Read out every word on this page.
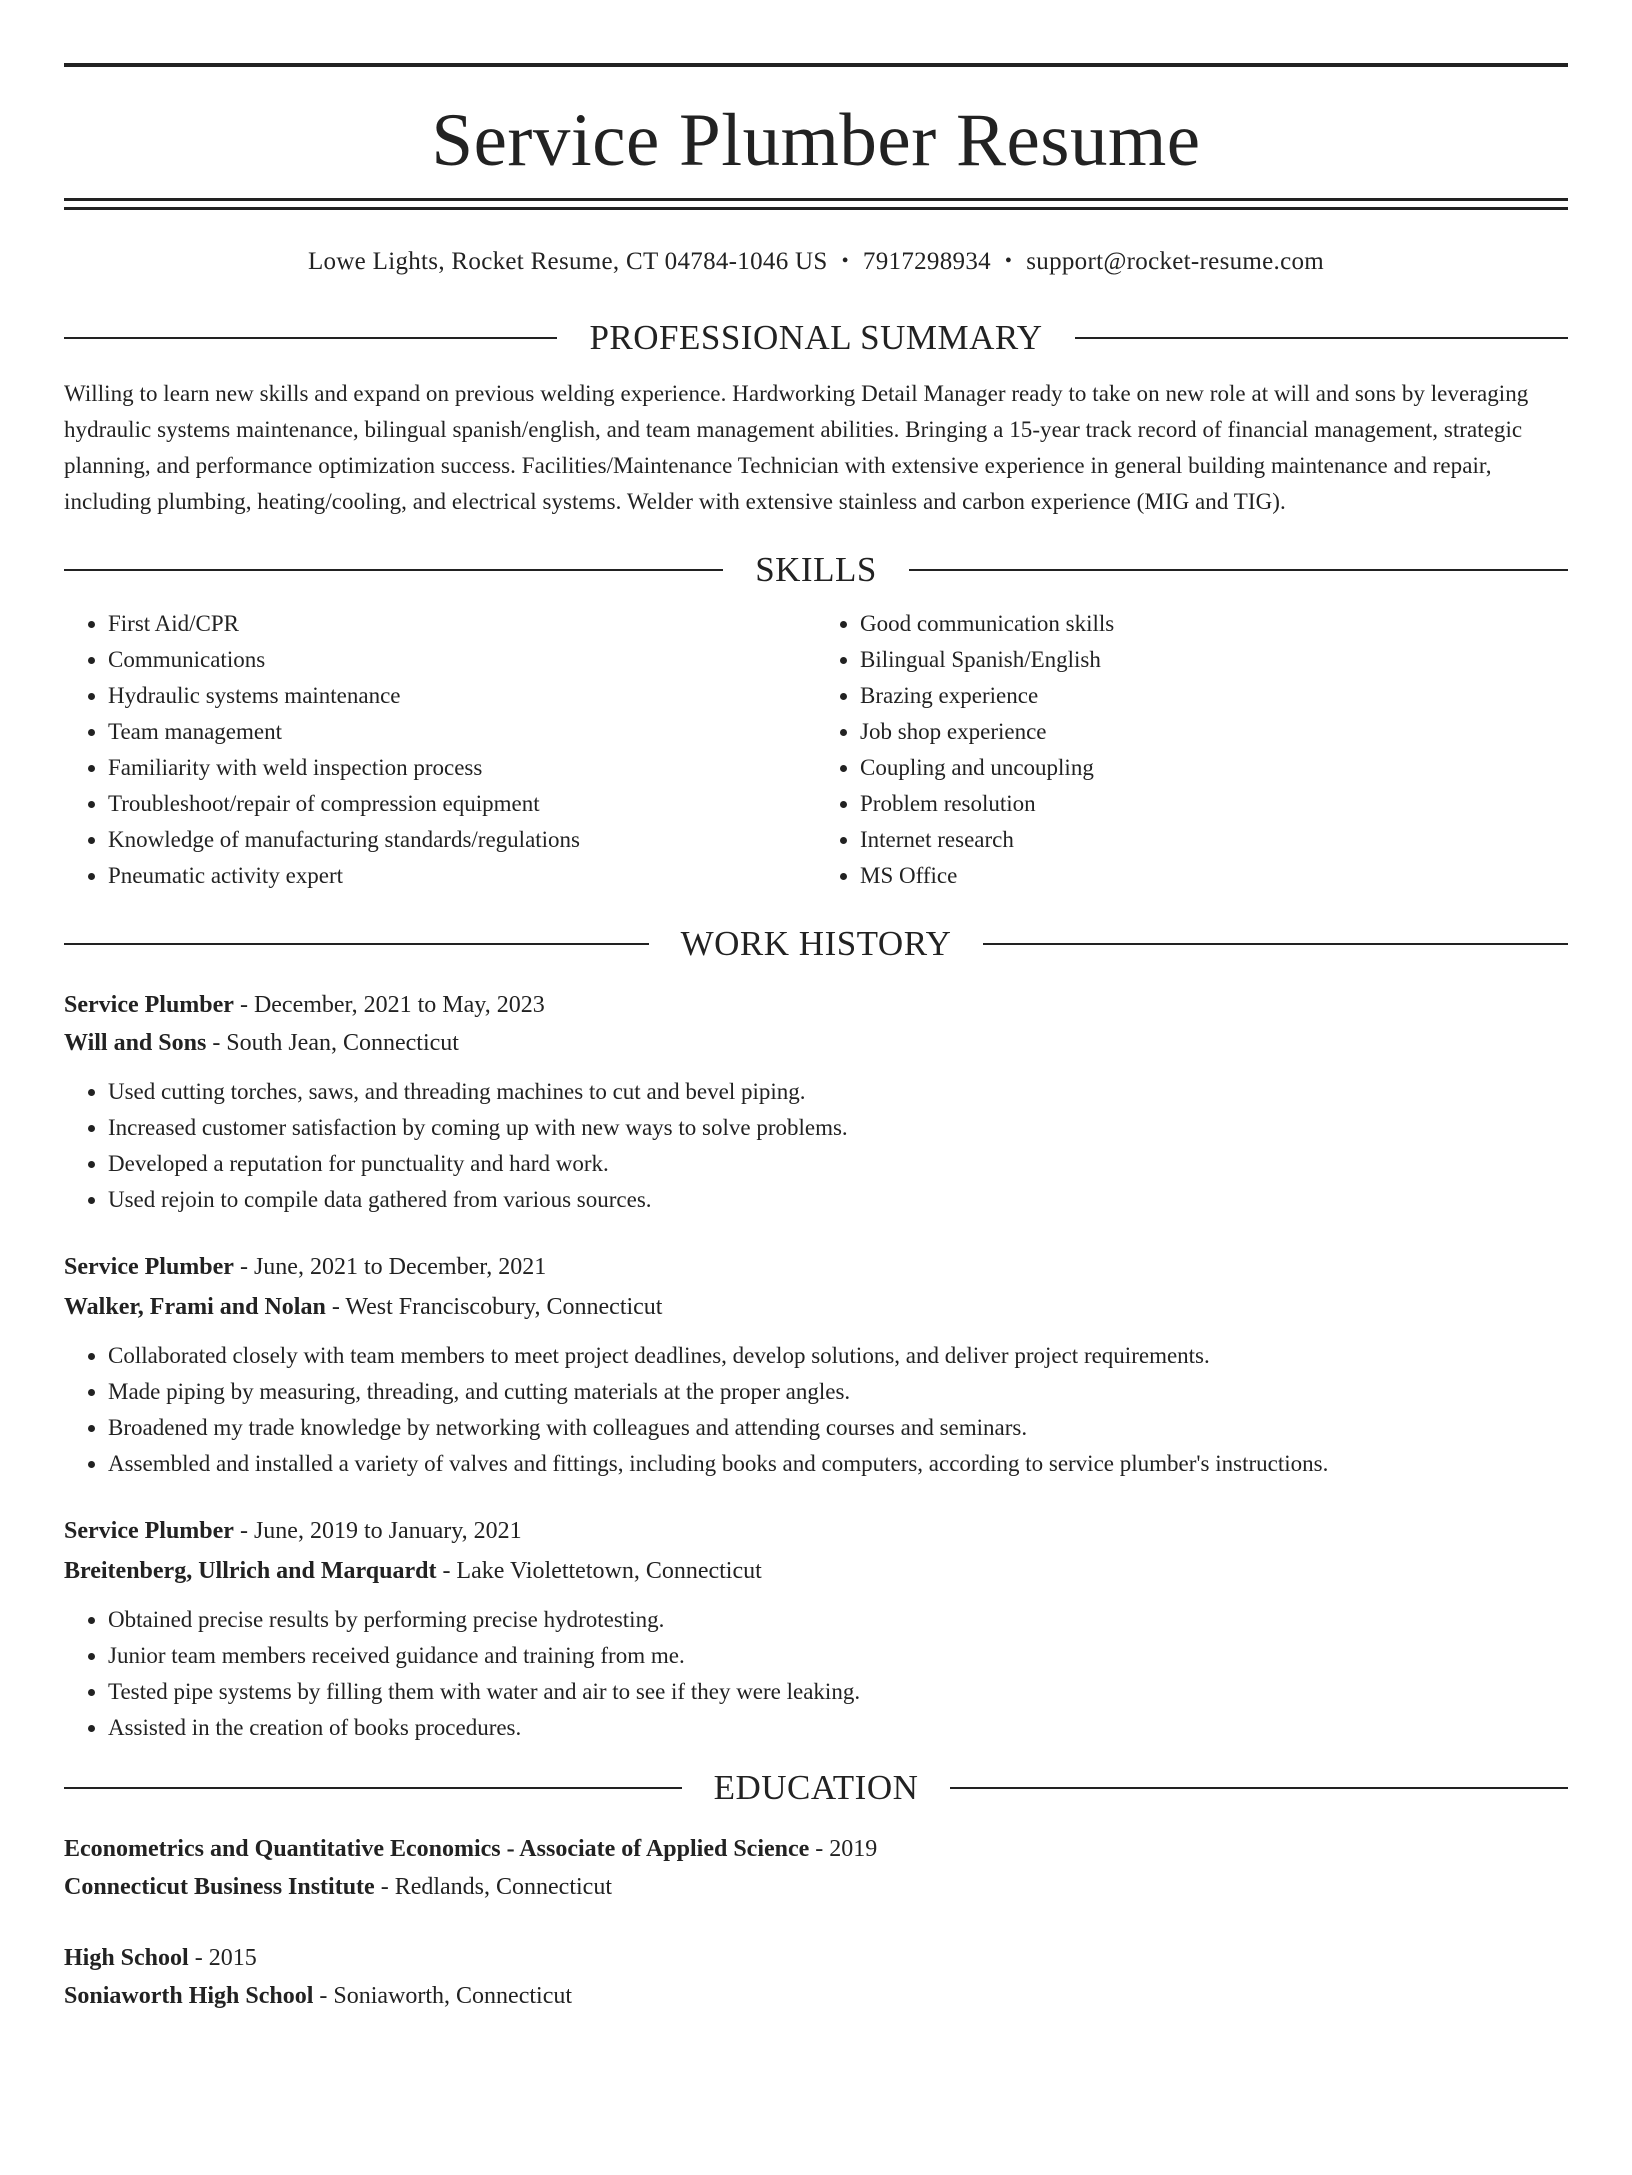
Service Plumber Resume
Lowe Lights, Rocket Resume, CT 04784-1046 US • 7917298934 • support@rocket-resume.com
PROFESSIONAL SUMMARY

Willing to learn new skills and expand on previous welding experience. Hardworking Detail Manager ready to take on new role at will and sons by leveraging hydraulic systems maintenance, bilingual spanish/english, and team management abilities. Bringing a 15-year track record of financial management, strategic planning, and performance optimization success. Facilities/Maintenance Technician with extensive experience in general building maintenance and repair, including plumbing, heating/cooling, and electrical systems. Welder with extensive stainless and carbon experience (MIG and TIG).

SKILLS
• First Aid/CPR
• Communications
• Hydraulic systems maintenance
• Team management
• Familiarity with weld inspection process
• Troubleshoot/repair of compression equipment
• Knowledge of manufacturing standards/regulations
• Pneumatic activity expert
• Good communication skills
• Bilingual Spanish/English
• Brazing experience
• Job shop experience
• Coupling and uncoupling
• Problem resolution
• Internet research
• MS Office
WORK HISTORY
Service Plumber - December, 2021 to May, 2023
Will and Sons - South Jean, Connecticut
• Used cutting torches, saws, and threading machines to cut and bevel piping.
• Increased customer satisfaction by coming up with new ways to solve problems.
• Developed a reputation for punctuality and hard work.
• Used rejoin to compile data gathered from various sources.
Service Plumber - June, 2021 to December, 2021
Walker, Frami and Nolan - West Franciscobury, Connecticut
• Collaborated closely with team members to meet project deadlines, develop solutions, and deliver project requirements.
• Made piping by measuring, threading, and cutting materials at the proper angles.
• Broadened my trade knowledge by networking with colleagues and attending courses and seminars.
• Assembled and installed a variety of valves and fittings, including books and computers, according to service plumber's instructions.
Service Plumber - June, 2019 to January, 2021
Breitenberg, Ullrich and Marquardt - Lake Violettetown, Connecticut
• Obtained precise results by performing precise hydrotesting.
• Junior team members received guidance and training from me.
• Tested pipe systems by filling them with water and air to see if they were leaking.
• Assisted in the creation of books procedures.
EDUCATION
Econometrics and Quantitative Economics - Associate of Applied Science - 2019
Connecticut Business Institute - Redlands, Connecticut
High School - 2015
Soniaworth High School - Soniaworth, Connecticut
